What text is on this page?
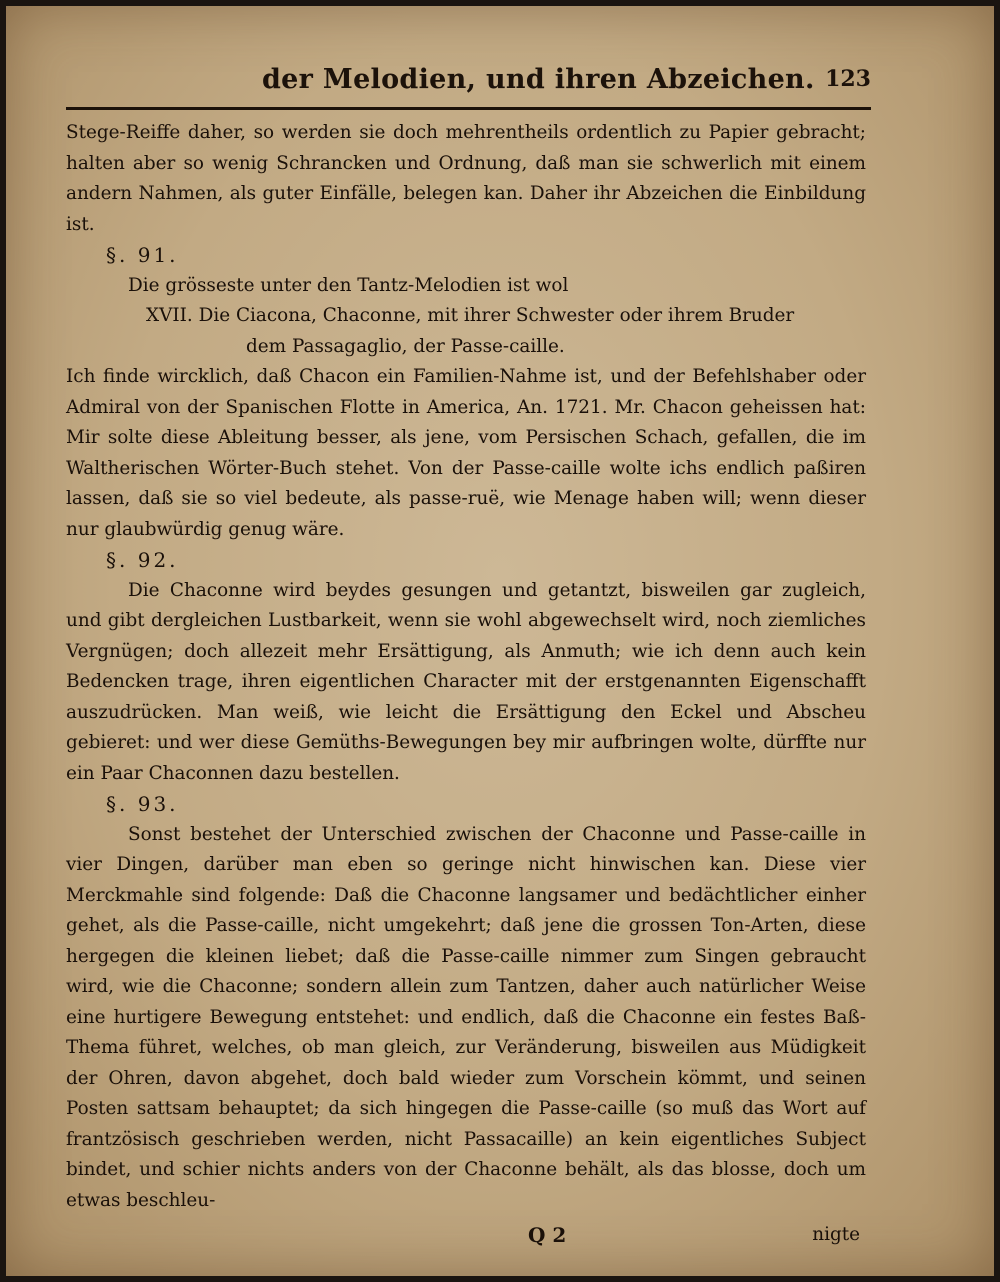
der Melodien, und ihren Abzeichen. 123

Stege-Reiffe daher, so werden sie doch mehrentheils ordentlich zu Papier gebracht; halten aber so wenig Schrancken und Ordnung, daß man sie schwerlich mit einem andern Nahmen, als guter Einfälle, belegen kan. Daher ihr Abzeichen die Einbildung ist.

§. 91.

Die grösseste unter den Tantz-Melodien ist wol

XVII. Die Ciacona, Chaconne, mit ihrer Schwester oder ihrem Bruder

dem Passagaglio, der Passe-caille.

Ich finde wircklich, daß Chacon ein Familien-Nahme ist, und der Befehlshaber oder Admiral von der Spanischen Flotte in America, An. 1721. Mr. Chacon geheissen hat: Mir solte diese Ableitung besser, als jene, vom Persischen Schach, gefallen, die im Waltherischen Wörter-Buch stehet. Von der Passe-caille wolte ichs endlich paßiren lassen, daß sie so viel bedeute, als passe-ruë, wie Menage haben will; wenn dieser nur glaubwürdig genug wäre.

§. 92.

Die Chaconne wird beydes gesungen und getantzt, bisweilen gar zugleich, und gibt dergleichen Lustbarkeit, wenn sie wohl abgewechselt wird, noch ziemliches Vergnügen; doch allezeit mehr Ersättigung, als Anmuth; wie ich denn auch kein Bedencken trage, ihren eigentlichen Character mit der erstgenannten Eigenschafft auszudrücken. Man weiß, wie leicht die Ersättigung den Eckel und Abscheu gebieret: und wer diese Gemüths-Bewegungen bey mir aufbringen wolte, dürffte nur ein Paar Chaconnen dazu bestellen.

§. 93.

Sonst bestehet der Unterschied zwischen der Chaconne und Passe-caille in vier Dingen, darüber man eben so geringe nicht hinwischen kan. Diese vier Merckmahle sind folgende: Daß die Chaconne langsamer und bedächtlicher einher gehet, als die Passe-caille, nicht umgekehrt; daß jene die grossen Ton-Arten, diese hergegen die kleinen liebet; daß die Passe-caille nimmer zum Singen gebraucht wird, wie die Chaconne; sondern allein zum Tantzen, daher auch natürlicher Weise eine hurtigere Bewegung entstehet: und endlich, daß die Chaconne ein festes Baß-Thema führet, welches, ob man gleich, zur Veränderung, bisweilen aus Müdigkeit der Ohren, davon abgehet, doch bald wieder zum Vorschein kömmt, und seinen Posten sattsam behauptet; da sich hingegen die Passe-caille (so muß das Wort auf frantzösisch geschrieben werden, nicht Passacaille) an kein eigentliches Subject bindet, und schier nichts anders von der Chaconne behält, als das blosse, doch um etwas beschleu-

Q 2	nigte
